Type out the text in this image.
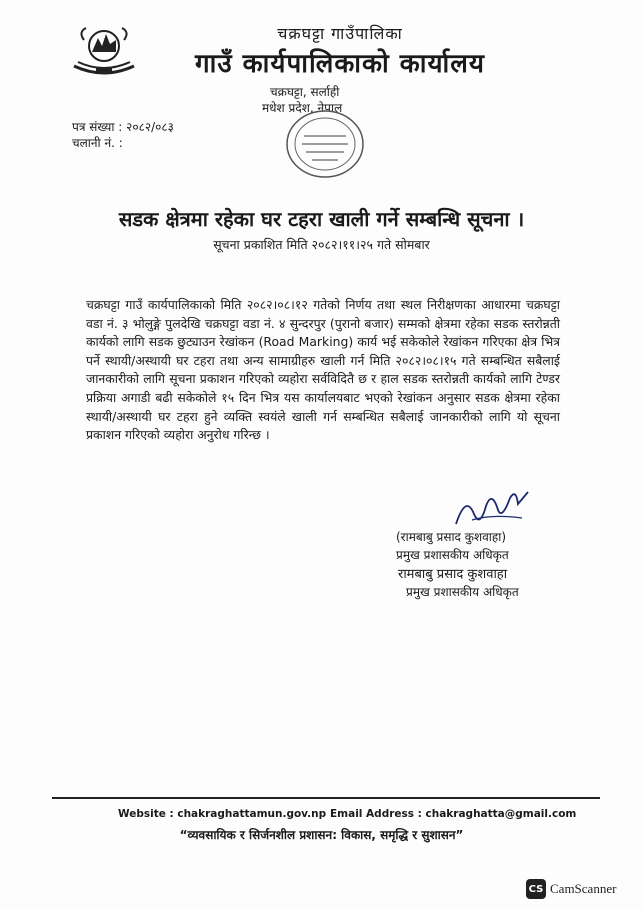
चक्रघट्टा गाउँपालिका
गाउँ कार्यपालिकाको कार्यालय
चक्रघट्टा, सर्लाही
मधेश प्रदेश, नेपाल
पत्र संख्या : २०८२/०८३
चलानी नं. :
सडक क्षेत्रमा रहेका घर टहरा खाली गर्ने सम्बन्धि सूचना ।
सूचना प्रकाशित मिति २०८२।११।२५ गते सोमबार
चक्रघट्टा गाउँ कार्यपालिकाको मिति २०८२।०८।१२ गतेको निर्णय तथा स्थल निरीक्षणका आधारमा चक्रघट्टा वडा नं. ३ भोलुङ्गे पुलदेखि चक्रघट्टा वडा नं. ४ सुन्दरपुर (पुरानो बजार) सम्मको क्षेत्रमा रहेका सडक स्तरोन्नती कार्यको लागि सडक छुट्याउन रेखांकन (Road Marking) कार्य भई सकेकोले रेखांकन गरिएका क्षेत्र भित्र पर्ने स्थायी/अस्थायी घर टहरा तथा अन्य सामाग्रीहरु खाली गर्न मिति २०८२।०८।१५ गते सम्बन्धित सबैलाई जानकारीको लागि सूचना प्रकाशन गरिएको व्यहोरा सर्वविदितै छ र हाल सडक स्तरोन्नती कार्यको लागि टेण्डर प्रक्रिया अगाडी बढी सकेकोले १५ दिन भित्र यस कार्यालयबाट भएको रेखांकन अनुसार सडक क्षेत्रमा रहेका स्थायी/अस्थायी घर टहरा हुने व्यक्ति स्वयंले खाली गर्न सम्बन्धित सबैलाई जानकारीको लागि यो सूचना प्रकाशन गरिएको व्यहोरा अनुरोध गरिन्छ ।
(रामबाबु प्रसाद कुशवाहा)
प्रमुख प्रशासकीय अधिकृत
रामबाबु प्रसाद कुशवाहा
प्रमुख प्रशासकीय अधिकृत
Website : chakraghattamun.gov.np Email Address : chakraghatta@gmail.com
“व्यवसायिक र सिर्जनशील प्रशासन: विकास, समृद्धि र सुशासन”
CS CamScanner
